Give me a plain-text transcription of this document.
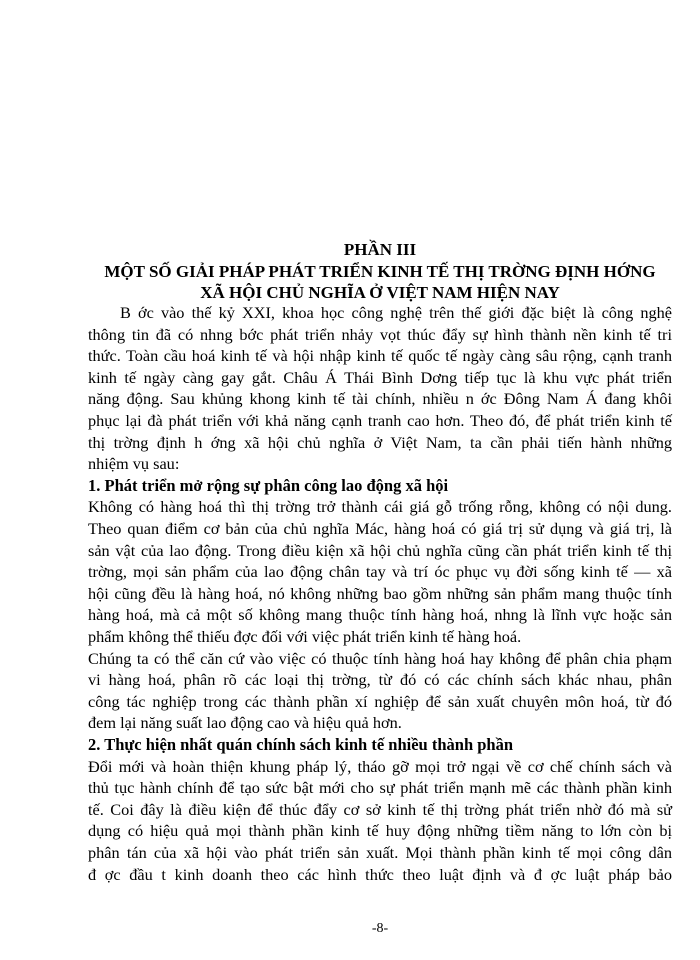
PHẦN III
MỘT SỐ GIẢI PHÁP PHÁT TRIỂN KINH TẾ THỊ TRỜNG ĐỊNH HỚNG
XÃ HỘI CHỦ NGHĨA Ở VIỆT NAM HIỆN NAY
B ớc vào thế kỷ XXI, khoa học công nghệ trên thế giới đặc biệt là công nghệ
thông tin đã có nhng bớc phát triển nhảy vọt thúc đẩy sự hình thành nền kinh tế tri
thức. Toàn cầu hoá kinh tế và hội nhập kinh tế quốc tế ngày càng sâu rộng, cạnh tranh
kinh tế ngày càng gay gắt. Châu Á Thái Bình Dơng tiếp tục là khu vực phát triển
năng động. Sau khủng khong kinh tế tài chính, nhiều n ớc Đông Nam Á đang khôi
phục lại đà phát triển với khả năng cạnh tranh cao hơn. Theo đó, để phát triển kinh tế
thị trờng định h ớng xã hội chủ nghĩa ở Việt Nam, ta cần phải tiến hành những
nhiệm vụ sau:
1. Phát triển mở rộng sự phân công lao động xã hội
Không có hàng hoá thì thị trờng trở thành cái giá gỗ trống rỗng, không có nội dung.
Theo quan điểm cơ bản của chủ nghĩa Mác, hàng hoá có giá trị sử dụng và giá trị, là
sản vật của lao động. Trong điều kiện xã hội chủ nghĩa cũng cần phát triển kinh tế thị
trờng, mọi sản phẩm của lao động chân tay và trí óc phục vụ đời sống kinh tế — xã
hội cũng đều là hàng hoá, nó không những bao gồm những sản phẩm mang thuộc tính
hàng hoá, mà cả một số không mang thuộc tính hàng hoá, nhng là lĩnh vực hoặc sản
phẩm không thể thiếu đợc đối với việc phát triển kinh tế hàng hoá.
Chúng ta có thể căn cứ vào việc có thuộc tính hàng hoá hay không để phân chia phạm
vi hàng hoá, phân rõ các loại thị trờng, từ đó có các chính sách khác nhau, phân
công tác nghiệp trong các thành phần xí nghiệp để sản xuất chuyên môn hoá, từ đó
đem lại năng suất lao động cao và hiệu quả hơn.
2. Thực hiện nhất quán chính sách kinh tế nhiều thành phần
Đổi mới và hoàn thiện khung pháp lý, tháo gỡ mọi trở ngại về cơ chế chính sách và
thủ tục hành chính để tạo sức bật mới cho sự phát triển mạnh mẽ các thành phần kinh
tế. Coi đây là điều kiện để thúc đẩy cơ sở kinh tế thị trờng phát triển nhờ đó mà sử
dụng có hiệu quả mọi thành phần kinh tế huy động những tiềm năng to lớn còn bị
phân tán của xã hội vào phát triển sản xuất. Mọi thành phần kinh tế mọi công dân
đ ợc đầu t kinh doanh theo các hình thức theo luật định và đ ợc luật pháp bảo
-8-
